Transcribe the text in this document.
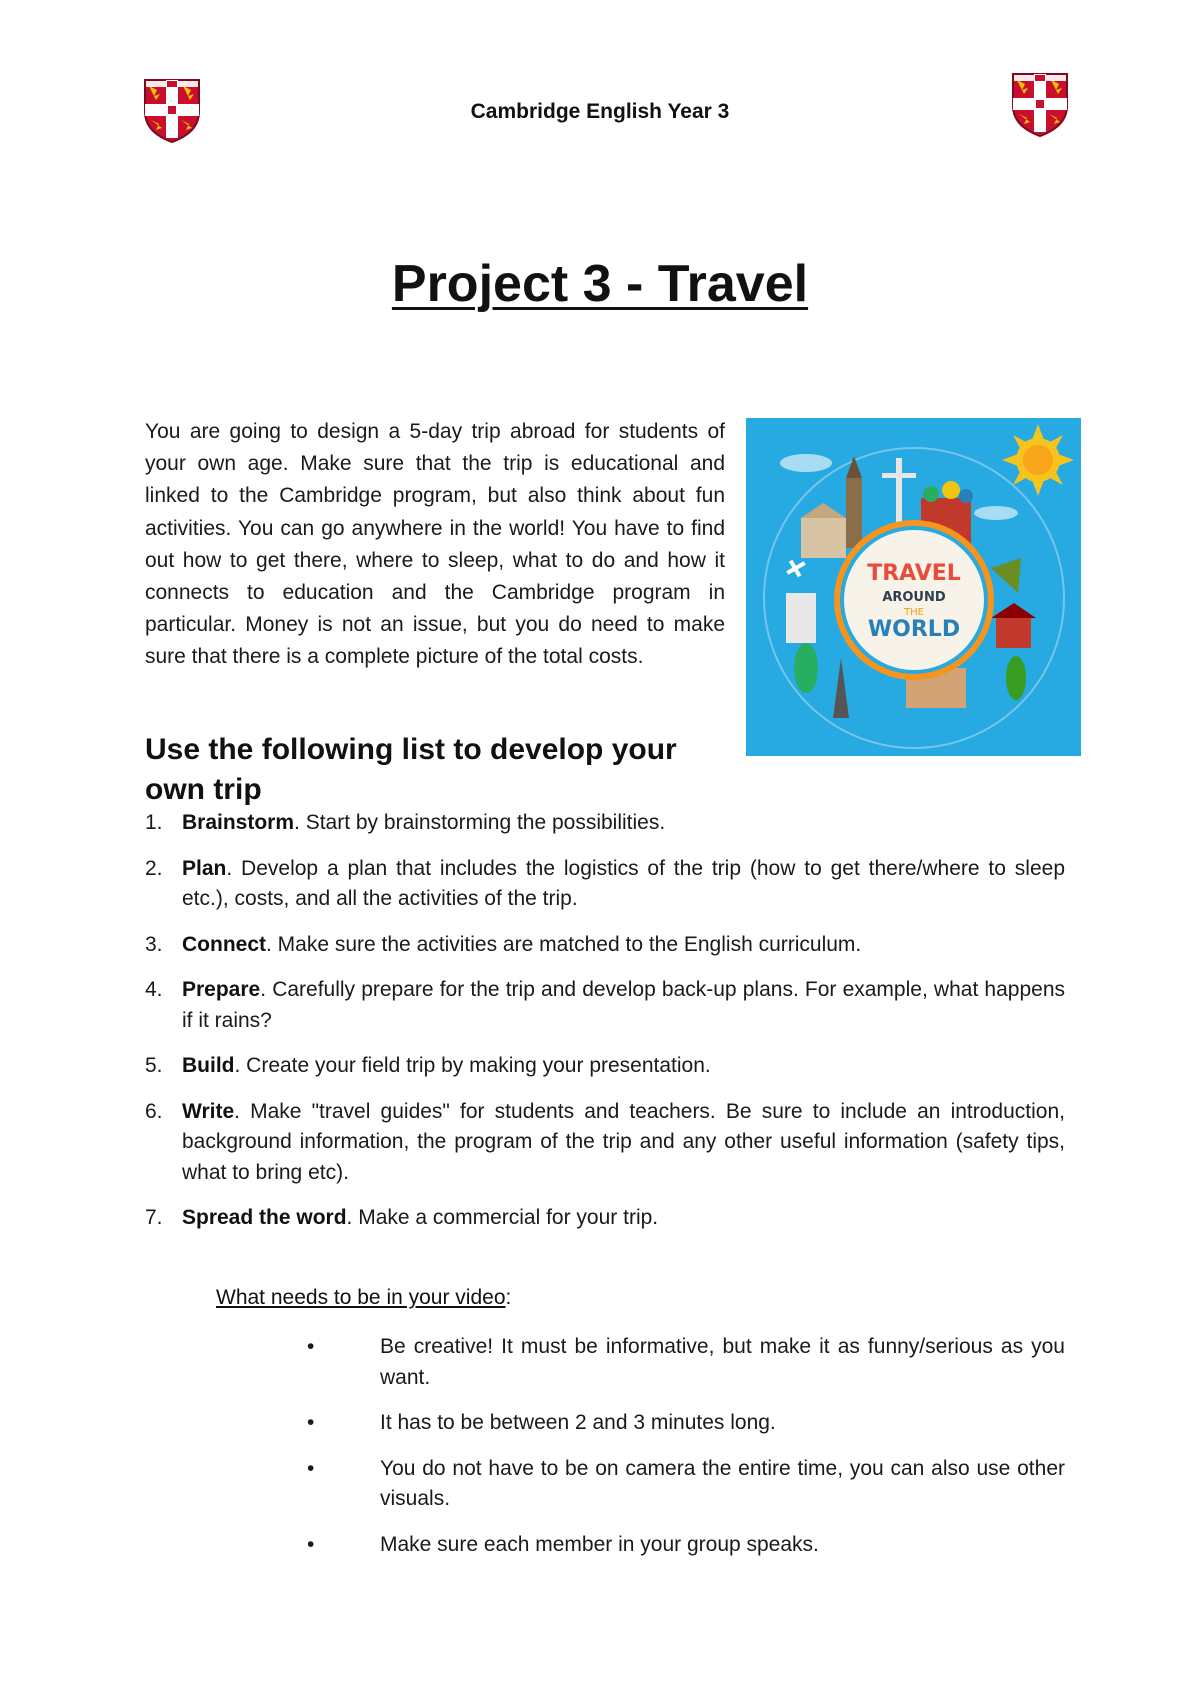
Cambridge English Year 3
Project 3 - Travel

You are going to design a 5-day trip abroad for students of your own age. Make sure that the trip is educational and linked to the Cambridge program, but also think about fun activities. You can go anywhere in the world! You have to find out how to get there, where to sleep, what to do and how it connects to education and the Cambridge program in particular. Money is not an issue, but you do need to make sure that there is a complete picture of the total costs.

TRAVEL
AROUND
THE
WORLD
Use the following list to develop your own trip
1. Brainstorm. Start by brainstorming the possibilities.
2. Plan. Develop a plan that includes the logistics of the trip (how to get there/where to sleep etc.), costs, and all the activities of the trip.
3. Connect. Make sure the activities are matched to the English curriculum.
4. Prepare. Carefully prepare for the trip and develop back-up plans. For example, what happens if it rains?
5. Build. Create your field trip by making your presentation.
6. Write. Make "travel guides" for students and teachers. Be sure to include an introduction, background information, the program of the trip and any other useful information (safety tips, what to bring etc).
7. Spread the word. Make a commercial for your trip.
What needs to be in your video:
•	Be creative! It must be informative, but make it as funny/serious as you want.
•	It has to be between 2 and 3 minutes long.
•	You do not have to be on camera the entire time, you can also use other visuals.
•	Make sure each member in your group speaks.
